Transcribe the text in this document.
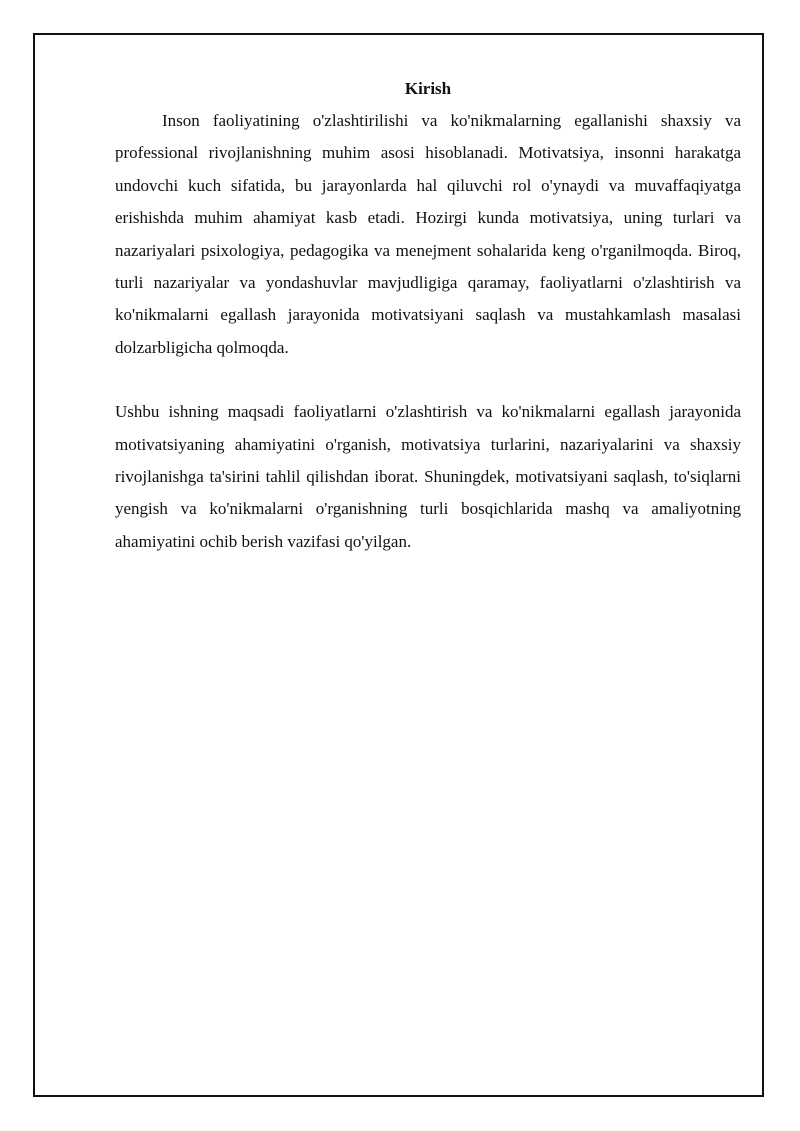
Kirish

Inson faoliyatining o'zlashtirilishi va ko'nikmalarning egallanishi shaxsiy va professional rivojlanishning muhim asosi hisoblanadi. Motivatsiya, insonni harakatga undovchi kuch sifatida, bu jarayonlarda hal qiluvchi rol o'ynaydi va muvaffaqiyatga erishishda muhim ahamiyat kasb etadi. Hozirgi kunda motivatsiya, uning turlari va nazariyalari psixologiya, pedagogika va menejment sohalarida keng o'rganilmoqda. Biroq, turli nazariyalar va yondashuvlar mavjudligiga qaramay, faoliyatlarni o'zlashtirish va ko'nikmalarni egallash jarayonida motivatsiyani saqlash va mustahkamlash masalasi dolzarbligicha qolmoqda.

Ushbu ishning maqsadi faoliyatlarni o'zlashtirish va ko'nikmalarni egallash jarayonida motivatsiyaning ahamiyatini o'rganish, motivatsiya turlarini, nazariyalarini va shaxsiy rivojlanishga ta'sirini tahlil qilishdan iborat. Shuningdek, motivatsiyani saqlash, to'siqlarni yengish va ko'nikmalarni o'rganishning turli bosqichlarida mashq va amaliyotning ahamiyatini ochib berish vazifasi qo'yilgan.
